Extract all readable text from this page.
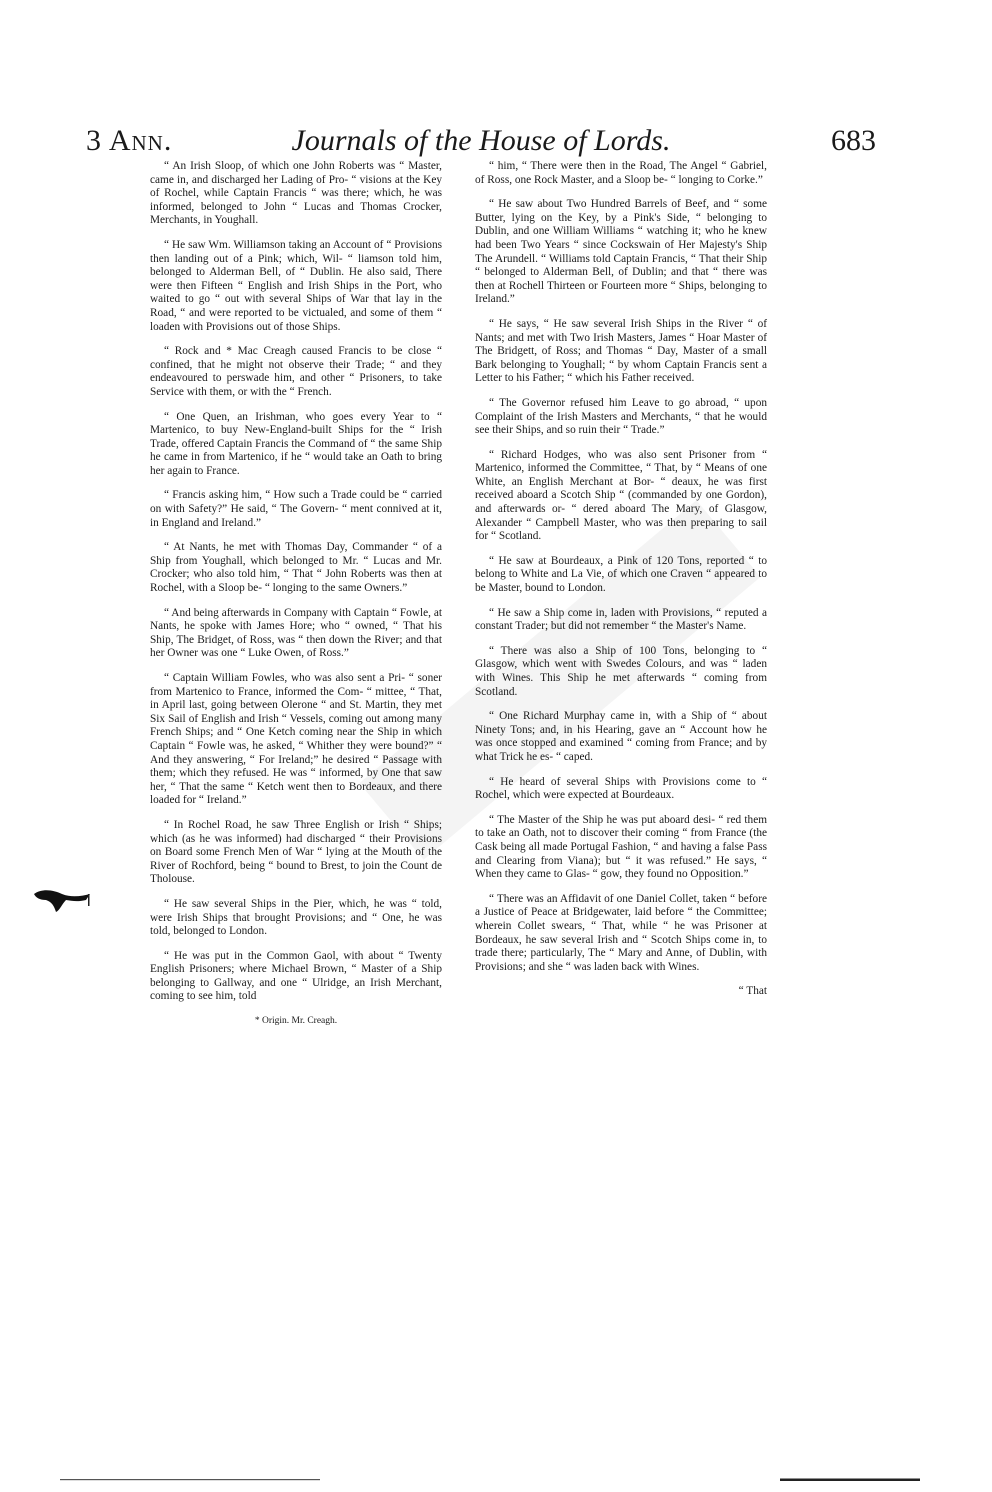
3 Ann.	Journals of the House of Lords.	683

“ An Irish Sloop, of which one John Roberts was “ Master, came in, and discharged her Lading of Pro- “ visions at the Key of Rochel, while Captain Francis “ was there; which, he was informed, belonged to John “ Lucas and Thomas Crocker, Merchants, in Youghall.

“ He saw Wm. Williamson taking an Account of “ Provisions then landing out of a Pink; which, Wil- “ liamson told him, belonged to Alderman Bell, of “ Dublin. He also said, There were then Fifteen “ English and Irish Ships in the Port, who waited to go “ out with several Ships of War that lay in the Road, “ and were reported to be victualed, and some of them “ loaden with Provisions out of those Ships.

“ Rock and * Mac Creagh caused Francis to be close “ confined, that he might not observe their Trade; “ and they endeavoured to perswade him, and other “ Prisoners, to take Service with them, or with the “ French.

“ One Quen, an Irishman, who goes every Year to “ Martenico, to buy New-England-built Ships for the “ Irish Trade, offered Captain Francis the Command of “ the same Ship he came in from Martenico, if he “ would take an Oath to bring her again to France.

“ Francis asking him, “ How such a Trade could be “ carried on with Safety?” He said, “ The Govern- “ ment connived at it, in England and Ireland.”

“ At Nants, he met with Thomas Day, Commander “ of a Ship from Youghall, which belonged to Mr. “ Lucas and Mr. Crocker; who also told him, “ That “ John Roberts was then at Rochel, with a Sloop be- “ longing to the same Owners.”

“ And being afterwards in Company with Captain “ Fowle, at Nants, he spoke with James Hore; who “ owned, “ That his Ship, The Bridget, of Ross, was “ then down the River; and that her Owner was one “ Luke Owen, of Ross.”

“ Captain William Fowles, who was also sent a Pri- “ soner from Martenico to France, informed the Com- “ mittee, “ That, in April last, going between Olerone “ and St. Martin, they met Six Sail of English and Irish “ Vessels, coming out among many French Ships; and “ One Ketch coming near the Ship in which Captain “ Fowle was, he asked, “ Whither they were bound?” “ And they answering, “ For Ireland;” he desired “ Passage with them; which they refused. He was “ informed, by One that saw her, “ That the same “ Ketch went then to Bordeaux, and there loaded for “ Ireland.”

“ In Rochel Road, he saw Three English or Irish “ Ships; which (as he was informed) had discharged “ their Provisions on Board some French Men of War “ lying at the Mouth of the River of Rochford, being “ bound to Brest, to join the Count de Tholouse.

“ He saw several Ships in the Pier, which, he was “ told, were Irish Ships that brought Provisions; and “ One, he was told, belonged to London.

“ He was put in the Common Gaol, with about “ Twenty English Prisoners; where Michael Brown, “ Master of a Ship belonging to Gallway, and one “ Ulridge, an Irish Merchant, coming to see him, told

* Origin. Mr. Creagh.

“ him, “ There were then in the Road, The Angel “ Gabriel, of Ross, one Rock Master, and a Sloop be- “ longing to Corke.”

“ He saw about Two Hundred Barrels of Beef, and “ some Butter, lying on the Key, by a Pink's Side, “ belonging to Dublin, and one William Williams “ watching it; who he knew had been Two Years “ since Cockswain of Her Majesty's Ship The Arundell. “ Williams told Captain Francis, “ That their Ship “ belonged to Alderman Bell, of Dublin; and that “ there was then at Rochell Thirteen or Fourteen more “ Ships, belonging to Ireland.”

“ He says, “ He saw several Irish Ships in the River “ of Nants; and met with Two Irish Masters, James “ Hoar Master of The Bridgett, of Ross; and Thomas “ Day, Master of a small Bark belonging to Youghall; “ by whom Captain Francis sent a Letter to his Father; “ which his Father received.

“ The Governor refused him Leave to go abroad, “ upon Complaint of the Irish Masters and Merchants, “ that he would see their Ships, and so ruin their “ Trade.”

“ Richard Hodges, who was also sent Prisoner from “ Martenico, informed the Committee, “ That, by “ Means of one White, an English Merchant at Bor- “ deaux, he was first received aboard a Scotch Ship “ (commanded by one Gordon), and afterwards or- “ dered aboard The Mary, of Glasgow, Alexander “ Campbell Master, who was then preparing to sail for “ Scotland.

“ He saw at Bourdeaux, a Pink of 120 Tons, reported “ to belong to White and La Vie, of which one Craven “ appeared to be Master, bound to London.

“ He saw a Ship come in, laden with Provisions, “ reputed a constant Trader; but did not remember “ the Master's Name.

“ There was also a Ship of 100 Tons, belonging to “ Glasgow, which went with Swedes Colours, and was “ laden with Wines. This Ship he met afterwards “ coming from Scotland.

“ One Richard Murphay came in, with a Ship of “ about Ninety Tons; and, in his Hearing, gave an “ Account how he was once stopped and examined “ coming from France; and by what Trick he es- “ caped.

“ He heard of several Ships with Provisions come to “ Rochel, which were expected at Bourdeaux.

“ The Master of the Ship he was put aboard desi- “ red them to take an Oath, not to discover their coming “ from France (the Cask being all made Portugal Fashion, “ and having a false Pass and Clearing from Viana); but “ it was refused.” He says, “ When they came to Glas- “ gow, they found no Opposition.”

“ There was an Affidavit of one Daniel Collet, taken “ before a Justice of Peace at Bridgewater, laid before “ the Committee; wherein Collet swears, “ That, while “ he was Prisoner at Bordeaux, he saw several Irish and “ Scotch Ships come in, to trade there; particularly, The “ Mary and Anne, of Dublin, with Provisions; and she “ was laden back with Wines.

“ That
